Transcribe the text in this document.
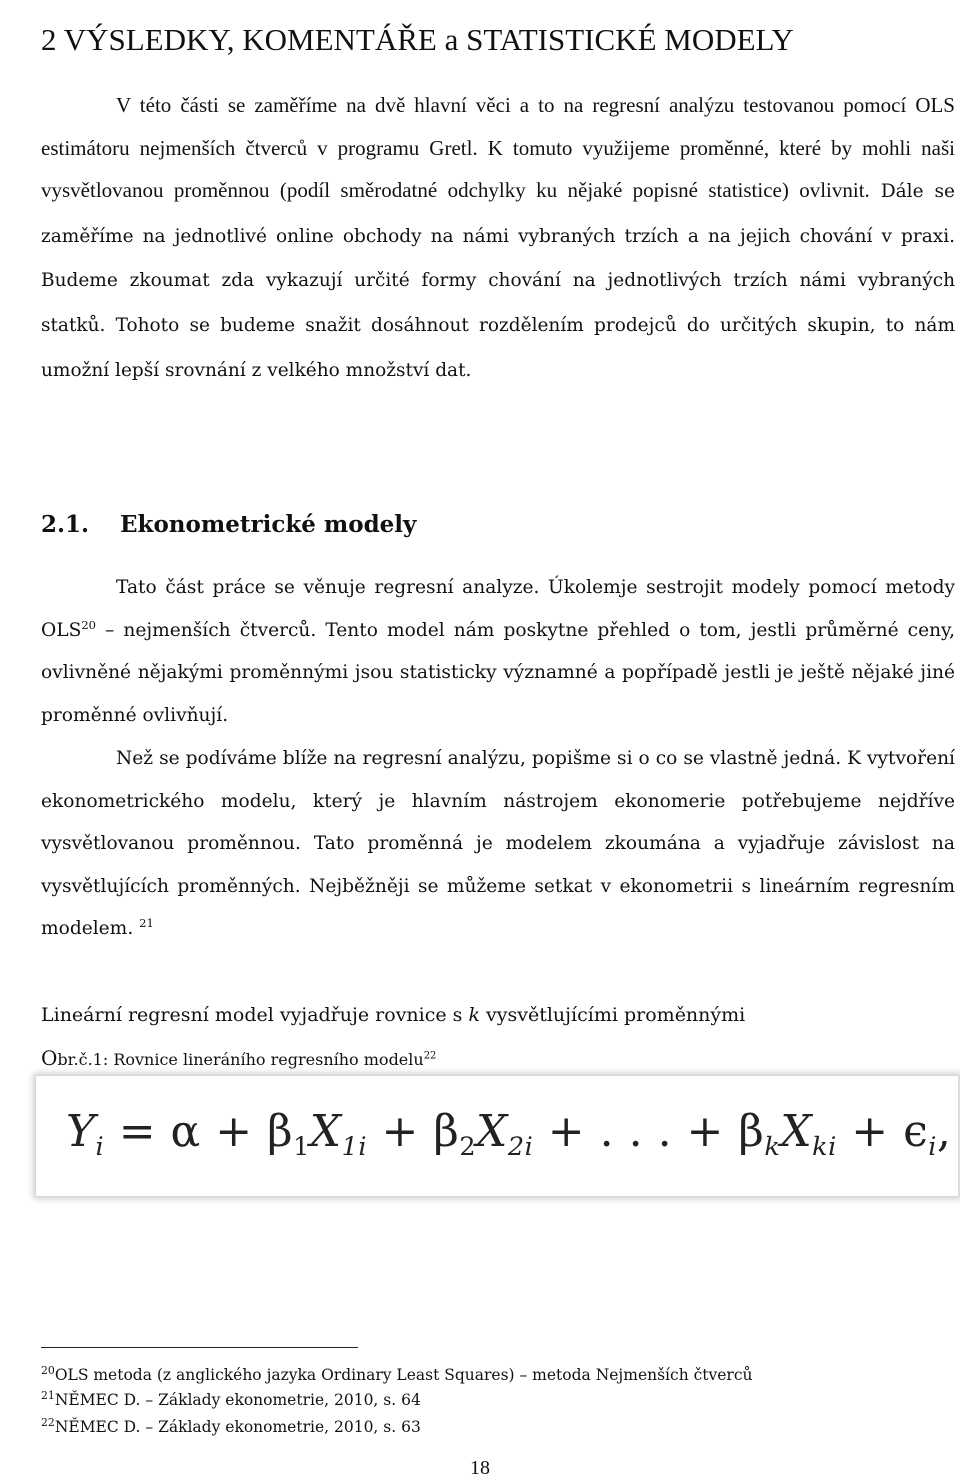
2 VÝSLEDKY, KOMENTÁŘE a STATISTICKÉ MODELY

V této části se zaměříme na dvě hlavní věci a to na regresní analýzu testovanou pomocí OLS estimátoru nejmenších čtverců v programu Gretl. K tomuto využijeme proměnné, které by mohli naši vysvětlovanou proměnnou (podíl směrodatné odchylky ku nějaké popisné statistice) ovlivnit. Dále se zaměříme na jednotlivé online obchody na námi vybraných trzích a na jejich chování v praxi. Budeme zkoumat zda vykazují určité formy chování na jednotlivých trzích námi vybraných statků. Tohoto se budeme snažit dosáhnout rozdělením prodejců do určitých skupin, to nám umožní lepší srovnání z velkého množství dat.

2.1. Ekonometrické modely

Tato část práce se věnuje regresní analyze. Úkolemje sestrojit modely pomocí metody OLS$^{20}$ – nejmenších čtverců. Tento model nám poskytne přehled o tom, jestli průměrné ceny, ovlivněné nějakými proměnnými jsou statisticky významné a popřípadě jestli je ještě nějaké jiné proměnné ovlivňují.

Než se podíváme blíže na regresní analýzu, popišme si o co se vlastně jedná. K vytvoření ekonometrického modelu, který je hlavním nástrojem ekonomerie potřebujeme nejdříve vysvětlovanou proměnnou. Tato proměnná je modelem zkoumána a vyjadřuje závislost na vysvětlujících proměnných. Nejběžněji se můžeme setkat v ekonometrii s lineárním regresním modelem. $^{21}$

Lineární regresní model vyjadřuje rovnice s k vysvětlujícími proměnnými
Obr.č.1: Rovnice lineráního regresního modelu$^{22}$
$Y_i = \alpha + \beta_1X_{1i} + \beta_2X_{2i}$ + . . . + $\beta_kX_{ki} + \epsilon_i$,
$^{20}$OLS metoda (z anglického jazyka Ordinary Least Squares) – metoda Nejmenších čtverců
$^{21}$NĚMEC D. – Základy ekonometrie, 2010, s. 64
$^{22}$NĚMEC D. – Základy ekonometrie, 2010, s. 63
18
